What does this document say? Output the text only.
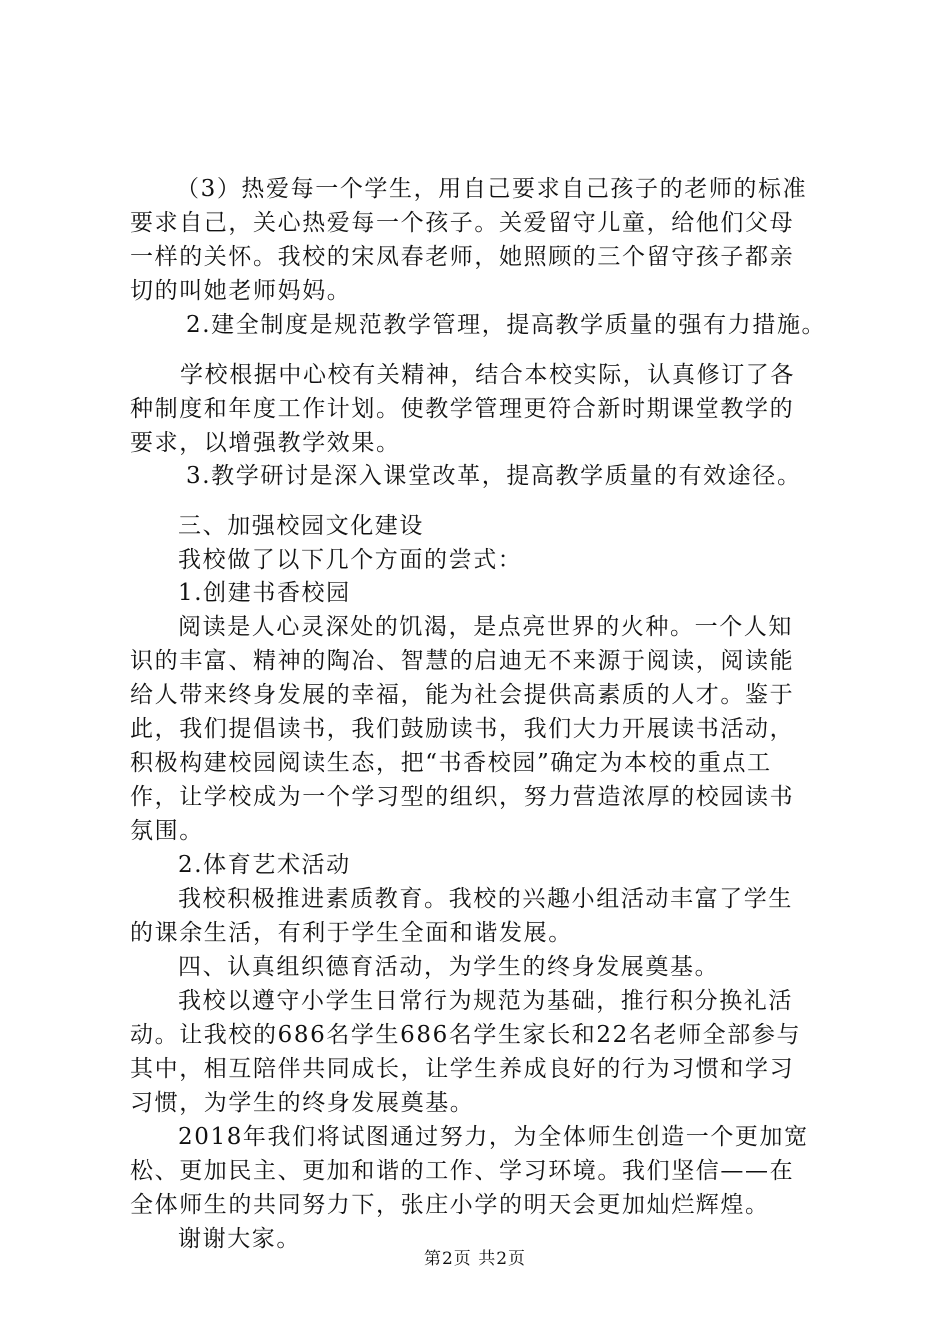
（3）热爱每一个学生，用自己要求自己孩子的老师的标准
要求自己，关心热爱每一个孩子。关爱留守儿童，给他们父母
一样的关怀。我校的宋凤春老师，她照顾的三个留守孩子都亲
切的叫她老师妈妈。
2.建全制度是规范教学管理，提高教学质量的强有力措施。
学校根据中心校有关精神，结合本校实际，认真修订了各
种制度和年度工作计划。使教学管理更符合新时期课堂教学的
要求，以增强教学效果。
3.教学研讨是深入课堂改革，提高教学质量的有效途径。
三、加强校园文化建设
我校做了以下几个方面的尝式：
1.创建书香校园
阅读是人心灵深处的饥渴，是点亮世界的火种。一个人知
识的丰富、精神的陶冶、智慧的启迪无不来源于阅读，阅读能
给人带来终身发展的幸福，能为社会提供高素质的人才。鉴于
此，我们提倡读书，我们鼓励读书，我们大力开展读书活动，
积极构建校园阅读生态，把“书香校园”确定为本校的重点工
作，让学校成为一个学习型的组织，努力营造浓厚的校园读书
氛围。
2.体育艺术活动
我校积极推进素质教育。我校的兴趣小组活动丰富了学生
的课余生活，有利于学生全面和谐发展。
四、认真组织德育活动，为学生的终身发展奠基。
我校以遵守小学生日常行为规范为基础，推行积分换礼活
动。让我校的686名学生686名学生家长和22名老师全部参与
其中，相互陪伴共同成长，让学生养成良好的行为习惯和学习
习惯，为学生的终身发展奠基。
2018年我们将试图通过努力，为全体师生创造一个更加宽
松、更加民主、更加和谐的工作、学习环境。我们坚信——在
全体师生的共同努力下，张庄小学的明天会更加灿烂辉煌。
谢谢大家。
第2页 共2页
